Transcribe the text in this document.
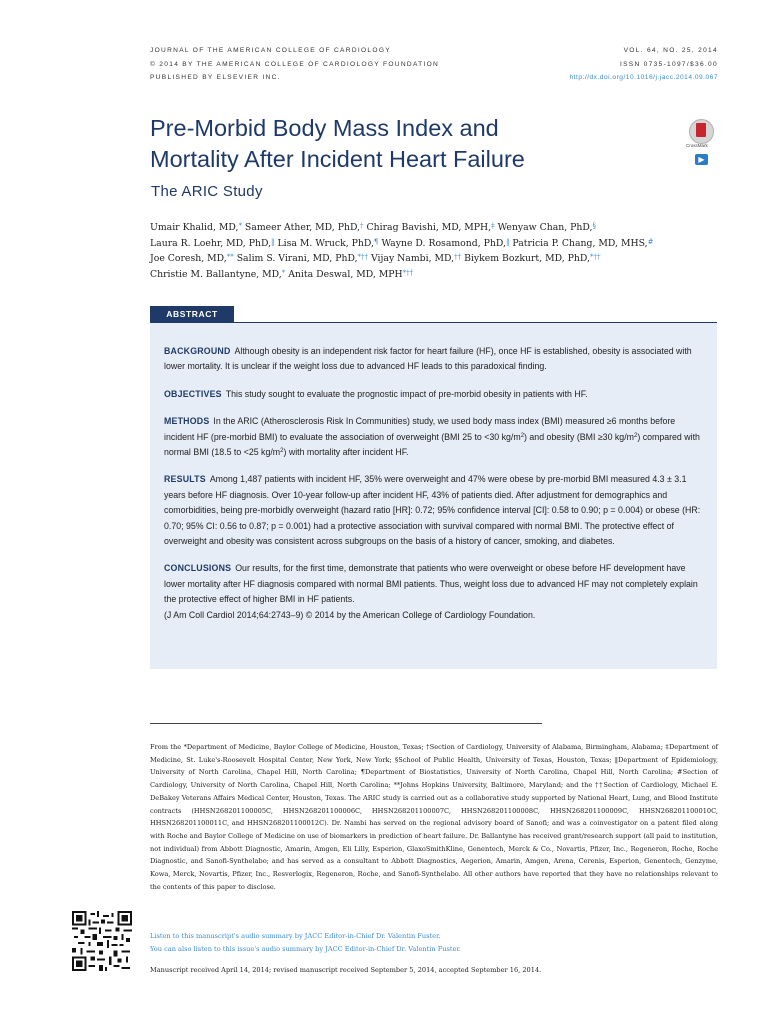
JOURNAL OF THE AMERICAN COLLEGE OF CARDIOLOGY
© 2014 BY THE AMERICAN COLLEGE OF CARDIOLOGY FOUNDATION
PUBLISHED BY ELSEVIER INC.
VOL. 64, NO. 25, 2014
ISSN 0735-1097/$36.00
http://dx.doi.org/10.1016/j.jacc.2014.09.067
Pre-Morbid Body Mass Index and
Mortality After Incident Heart Failure
The ARIC Study
CrossMark
▶
Umair Khalid, MD,* Sameer Ather, MD, PhD,† Chirag Bavishi, MD, MPH,‡ Wenyaw Chan, PhD,§
Laura R. Loehr, MD, PhD,‖ Lisa M. Wruck, PhD,¶ Wayne D. Rosamond, PhD,‖ Patricia P. Chang, MD, MHS,#
Joe Coresh, MD,** Salim S. Virani, MD, PhD,*†† Vijay Nambi, MD,†† Biykem Bozkurt, MD, PhD,*††
Christie M. Ballantyne, MD,* Anita Deswal, MD, MPH*††
ABSTRACT

BACKGROUND Although obesity is an independent risk factor for heart failure (HF), once HF is established, obesity is associated with lower mortality. It is unclear if the weight loss due to advanced HF leads to this paradoxical finding.

OBJECTIVES This study sought to evaluate the prognostic impact of pre-morbid obesity in patients with HF.

METHODS In the ARIC (Atherosclerosis Risk In Communities) study, we used body mass index (BMI) measured ≥6 months before incident HF (pre-morbid BMI) to evaluate the association of overweight (BMI 25 to <30 $kg/m^2$) and obesity (BMI ≥30 $kg/m^2$) compared with normal BMI (18.5 to <25 $kg/m^2$) with mortality after incident HF.

RESULTS Among 1,487 patients with incident HF, 35% were overweight and 47% were obese by pre-morbid BMI measured 4.3 ± 3.1 years before HF diagnosis. Over 10-year follow-up after incident HF, 43% of patients died. After adjustment for demographics and comorbidities, being pre-morbidly overweight (hazard ratio [HR]: 0.72; 95% confidence interval [CI]: 0.58 to 0.90; p = 0.004) or obese (HR: 0.70; 95% CI: 0.56 to 0.87; p = 0.001) had a protective association with survival compared with normal BMI. The protective effect of overweight and obesity was consistent across subgroups on the basis of a history of cancer, smoking, and diabetes.

CONCLUSIONS Our results, for the first time, demonstrate that patients who were overweight or obese before HF development have lower mortality after HF diagnosis compared with normal BMI patients. Thus, weight loss due to advanced HF may not completely explain the protective effect of higher BMI in HF patients.
(J Am Coll Cardiol 2014;64:2743–9) © 2014 by the American College of Cardiology Foundation.

From the *Department of Medicine, Baylor College of Medicine, Houston, Texas; †Section of Cardiology, University of Alabama, Birmingham, Alabama; ‡Department of Medicine, St. Luke's-Roosevelt Hospital Center, New York, New York; §School of Public Health, University of Texas, Houston, Texas; ‖Department of Epidemiology, University of North Carolina, Chapel Hill, North Carolina; ¶Department of Biostatistics, University of North Carolina, Chapel Hill, North Carolina; #Section of Cardiology, University of North Carolina, Chapel Hill, North Carolina; **Johns Hopkins University, Baltimore, Maryland; and the ††Section of Cardiology, Michael E. DeBakey Veterans Affairs Medical Center, Houston, Texas. The ARIC study is carried out as a collaborative study supported by National Heart, Lung, and Blood Institute contracts (HHSN268201100005C, HHSN268201100006C, HHSN268201100007C, HHSN268201100008C, HHSN268201100009C, HHSN268201100010C, HHSN268201100011C, and HHSN268201100012C). Dr. Nambi has served on the regional advisory board of Sanofi; and was a coinvestigator on a patent filed along with Roche and Baylor College of Medicine on use of biomarkers in prediction of heart failure. Dr. Ballantyne has received grant/research support (all paid to institution, not individual) from Abbott Diagnostic, Amarin, Amgen, Eli Lilly, Esperion, GlaxoSmithKline, Genentech, Merck & Co., Novartis, Pfizer, Inc., Regeneron, Roche, Roche Diagnostic, and Sanofi-Synthelabo; and has served as a consultant to Abbott Diagnostics, Aegerion, Amarin, Amgen, Arena, Cerenis, Esperion, Genentech, Genzyme, Kowa, Merck, Novartis, Pfizer, Inc., Resverlogix, Regeneron, Roche, and Sanofi-Synthelabo. All other authors have reported that they have no relationships relevant to the contents of this paper to disclose.
Listen to this manuscript's audio summary by JACC Editor-in-Chief Dr. Valentin Fuster.
You can also listen to this issue's audio summary by JACC Editor-in-Chief Dr. Valentin Fuster.
Manuscript received April 14, 2014; revised manuscript received September 5, 2014, accepted September 16, 2014.
